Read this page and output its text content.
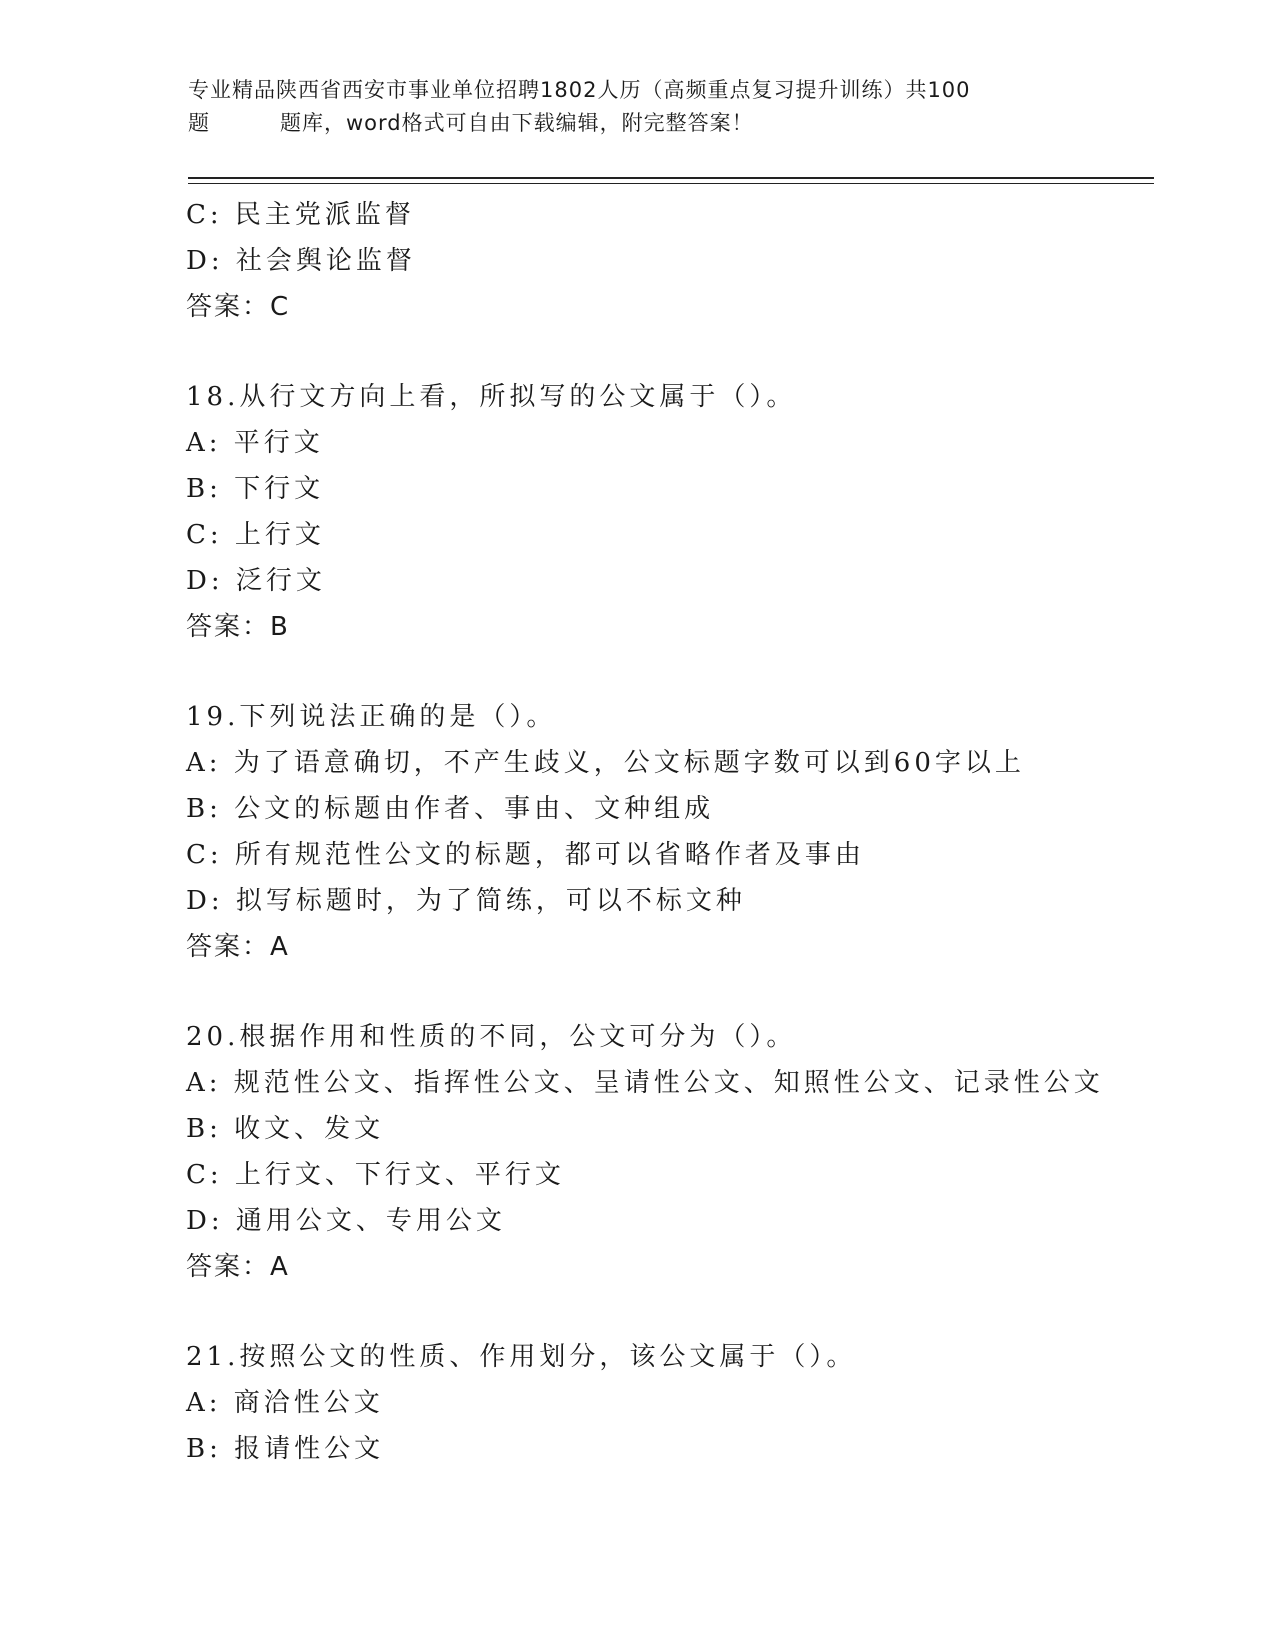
专业精品陕西省西安市事业单位招聘1802人历（高频重点复习提升训练）共100
题	题库，word格式可自由下载编辑，附完整答案！
C: 民主党派监督
D: 社会舆论监督
答案：C
18.从行文方向上看，所拟写的公文属于（）。
A: 平行文
B: 下行文
C: 上行文
D: 泛行文
答案：B
19.下列说法正确的是（）。
A: 为了语意确切，不产生歧义，公文标题字数可以到60字以上
B: 公文的标题由作者、事由、文种组成
C: 所有规范性公文的标题，都可以省略作者及事由
D: 拟写标题时，为了简练，可以不标文种
答案：A
20.根据作用和性质的不同，公文可分为（）。
A: 规范性公文、指挥性公文、呈请性公文、知照性公文、记录性公文
B: 收文、发文
C: 上行文、下行文、平行文
D: 通用公文、专用公文
答案：A
21.按照公文的性质、作用划分，该公文属于（）。
A: 商洽性公文
B: 报请性公文
